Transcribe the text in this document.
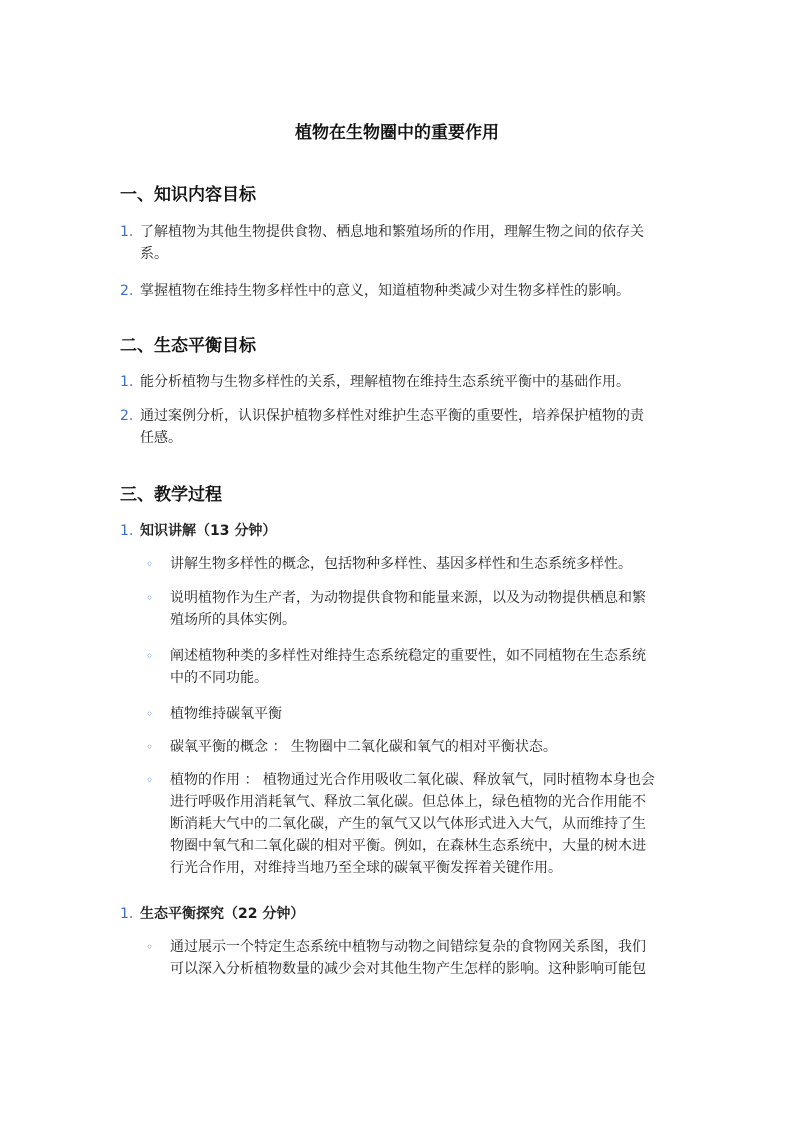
植物在生物圈中的重要作用
一、知识内容目标
1. 了解植物为其他生物提供食物、栖息地和繁殖场所的作用，理解生物之间的依存关
系。
2. 掌握植物在维持生物多样性中的意义，知道植物种类减少对生物多样性的影响。
二、生态平衡目标
1. 能分析植物与生物多样性的关系，理解植物在维持生态系统平衡中的基础作用。
2. 通过案例分析，认识保护植物多样性对维护生态平衡的重要性，培养保护植物的责
任感。
三、教学过程
1. 知识讲解（13 分钟）
◦ 讲解生物多样性的概念，包括物种多样性、基因多样性和生态系统多样性。
◦ 说明植物作为生产者，为动物提供食物和能量来源，以及为动物提供栖息和繁
殖场所的具体实例。
◦ 阐述植物种类的多样性对维持生态系统稳定的重要性，如不同植物在生态系统
中的不同功能。
◦ 植物维持碳氧平衡
◦ 碳氧平衡的概念 ： 生物圈中二氧化碳和氧气的相对平衡状态。
◦ 植物的作用 ： 植物通过光合作用吸收二氧化碳、释放氧气，同时植物本身也会
进行呼吸作用消耗氧气、释放二氧化碳。但总体上，绿色植物的光合作用能不
断消耗大气中的二氧化碳，产生的氧气又以气体形式进入大气，从而维持了生
物圈中氧气和二氧化碳的相对平衡。例如，在森林生态系统中，大量的树木进
行光合作用，对维持当地乃至全球的碳氧平衡发挥着关键作用。
1. 生态平衡探究（22 分钟）
◦ 通过展示一个特定生态系统中植物与动物之间错综复杂的食物网关系图，我们
可以深入分析植物数量的减少会对其他生物产生怎样的影响。这种影响可能包
